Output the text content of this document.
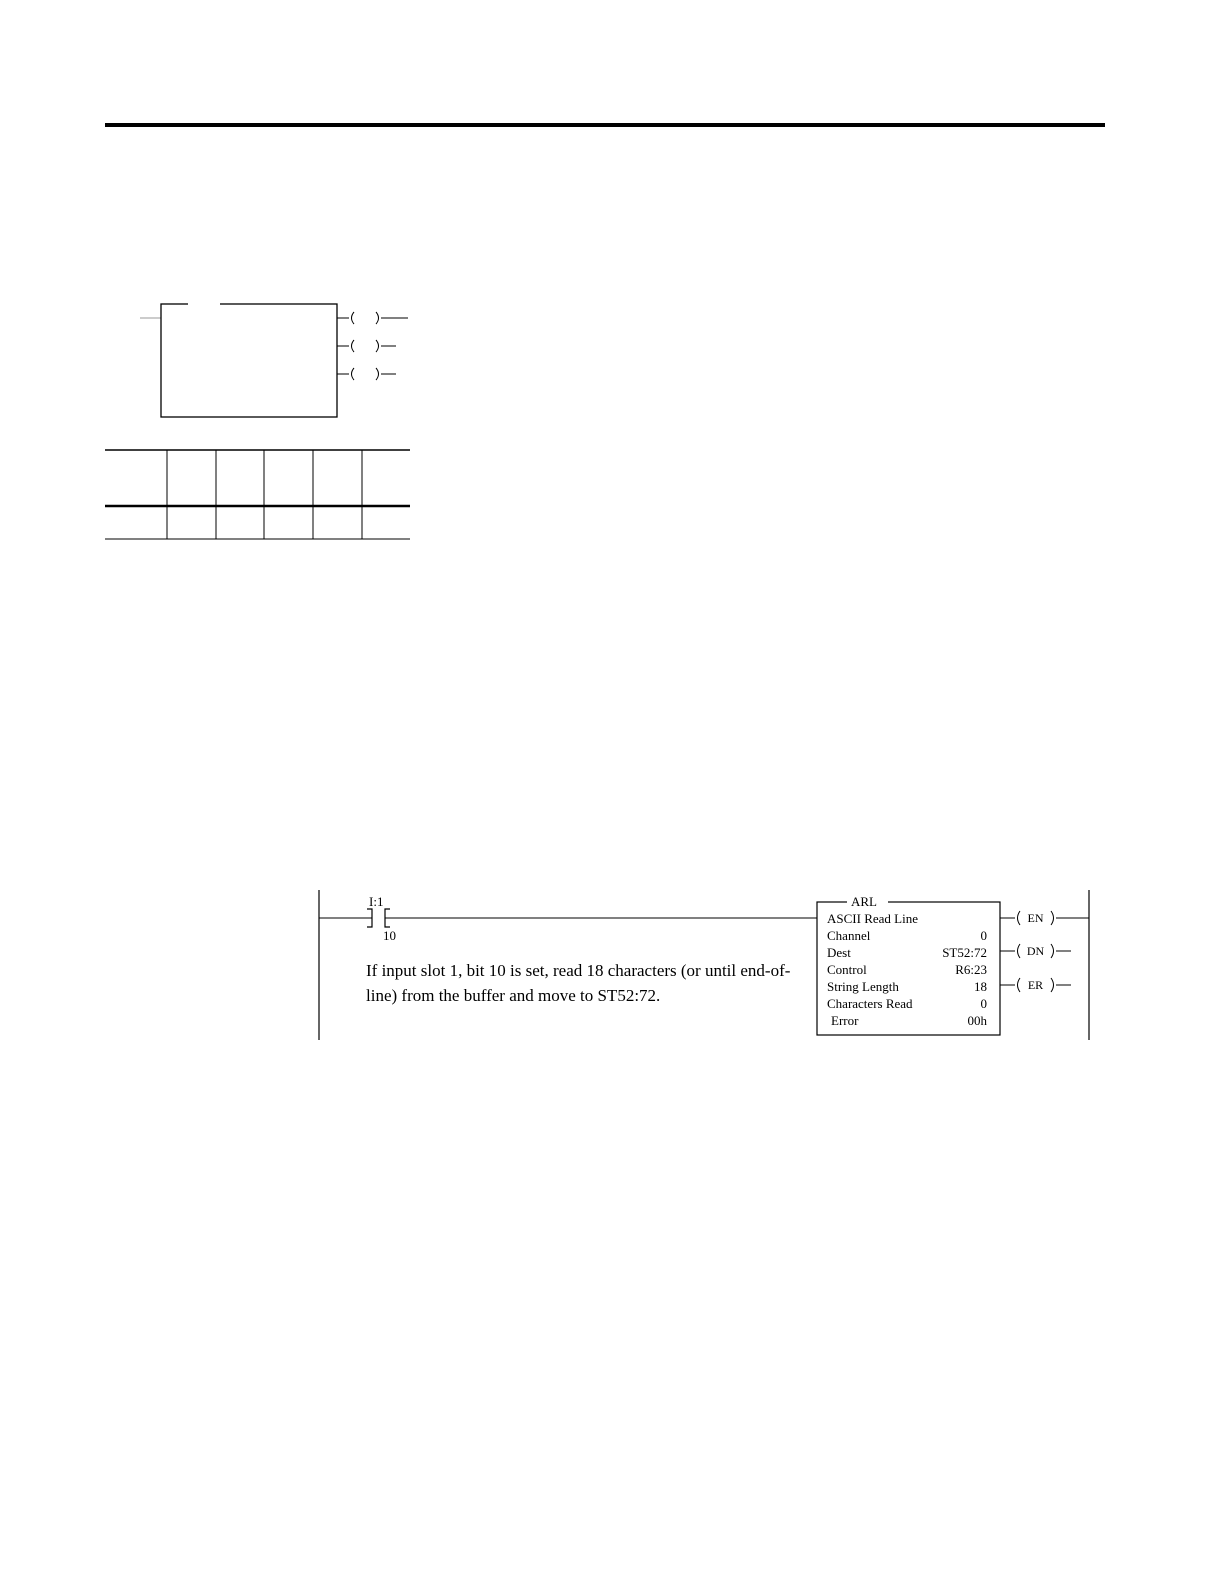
I:1
10
ARL
ASCII Read Line
Channel	0
Dest	ST52:72
Control	R6:23
String Length	18
Characters Read	0
Error	00h
EN
DN
ER
If input slot 1, bit 10 is set, read 18 characters (or until end-of-line) from the buffer and move to ST52:72.
